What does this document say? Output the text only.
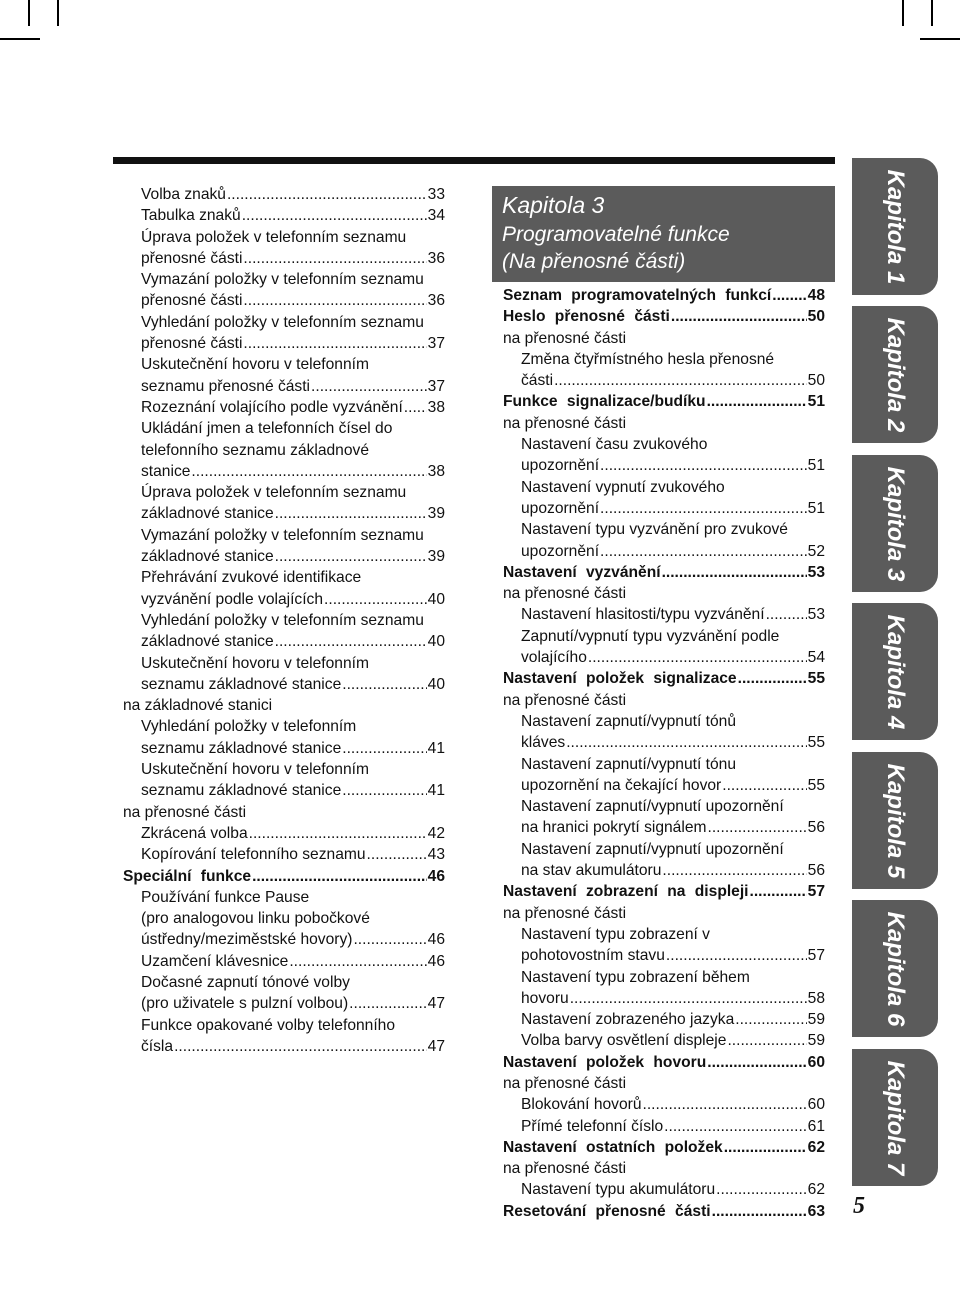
Volba znaků .....	33
Tabulka znaků .....	34
Úprava položek v telefonním seznamu
přenosné části .....	36
Vymazání položky v telefonním seznamu
přenosné části .....	36
Vyhledání položky v telefonním seznamu
přenosné části .....	37
Uskutečnění hovoru v telefonním
seznamu přenosné části .....	37
Rozeznání volajícího podle vyzvánění ..... 38
Ukládání jmen a telefonních čísel do
telefonního seznamu základnové
stanice .....	38
Úprava položek v telefonním seznamu
základnové stanice .....	39
Vymazání položky v telefonním seznamu
základnové stanice .....	39
Přehrávání zvukové identifikace
vyzvánění podle volajících .....	40
Vyhledání položky v telefonním seznamu
základnové stanice .....	40
Uskutečnění hovoru v telefonním
seznamu základnové stanice .....	40
na základnové stanici
Vyhledání položky v telefonním
seznamu základnové stanice .....	41
Uskutečnění hovoru v telefonním
seznamu základnové stanice .....	41
na přenosné části
Zkrácená volba .....	42
Kopírování telefonního seznamu .....	43
Speciální funkce .....	46
Používání funkce Pause
(pro analogovou linku pobočkové
ústředny/meziměstské hovory) .....	46
Uzamčení klávesnice .....	46
Dočasné zapnutí tónové volby
(pro uživatele s pulzní volbou) .....	47
Funkce opakované volby telefonního
čísla .....	47
Kapitola 3
Programovatelné funkce
(Na přenosné části)
Seznam programovatelných funkcí ..... 48
Heslo přenosné části .....	50
na přenosné části
Změna čtyřmístného hesla přenosné
části .....	50
Funkce signalizace/budíku .....	51
na přenosné části
Nastavení času zvukového
upozornění .....	51
Nastavení vypnutí zvukového
upozornění .....	51
Nastavení typu vyzvánění pro zvukové
upozornění .....	52
Nastavení vyzvánění .....	53
na přenosné části
Nastavení hlasitosti/typu vyzvánění .....	53
Zapnutí/vypnutí typu vyzvánění podle
volajícího .....	54
Nastavení položek signalizace .....	55
na přenosné části
Nastavení zapnutí/vypnutí tónů
kláves .....	55
Nastavení zapnutí/vypnutí tónu
upozornění na čekající hovor .....	55
Nastavení zapnutí/vypnutí upozornění
na hranici pokrytí signálem .....	56
Nastavení zapnutí/vypnutí upozornění
na stav akumulátoru .....	56
Nastavení zobrazení na displeji .....	57
na přenosné části
Nastavení typu zobrazení v
pohotovostním stavu .....	57
Nastavení typu zobrazení během
hovoru .....	58
Nastavení zobrazeného jazyka .....	59
Volba barvy osvětlení displeje .....	59
Nastavení položek hovoru .....	60
na přenosné části
Blokování hovorů .....	60
Přímé telefonní číslo .....	61
Nastavení ostatních položek .....	62
na přenosné části
Nastavení typu akumulátoru .....	62
Resetování přenosné části .....	63
Kapitola 1
Kapitola 2
Kapitola 3
Kapitola 4
Kapitola 5
Kapitola 6
Kapitola 7
5
